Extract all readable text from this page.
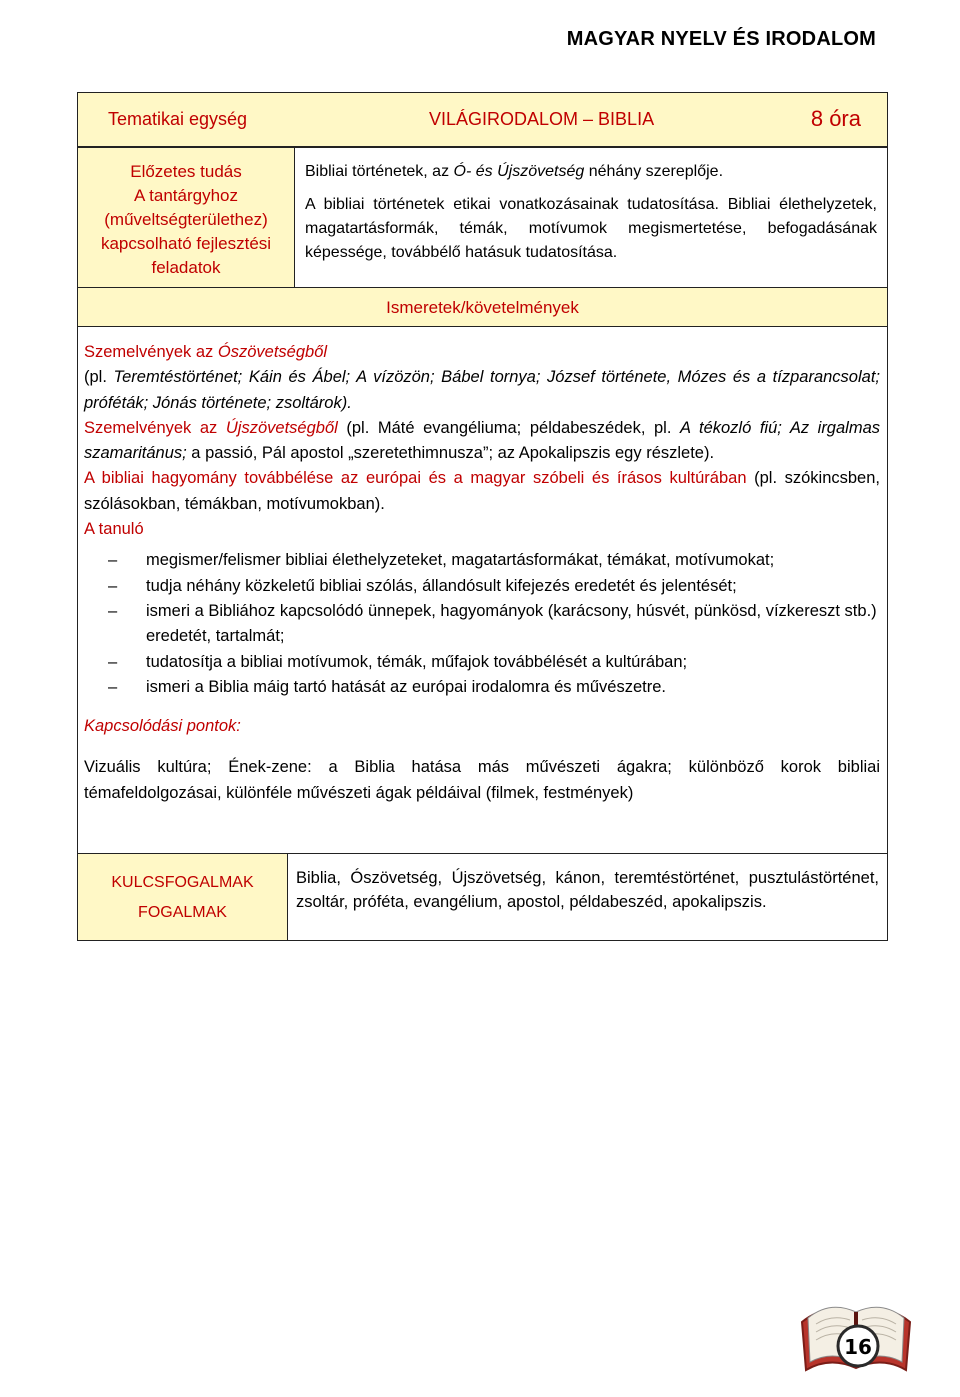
MAGYAR NYELV ÉS IRODALOM
Tematikai egység	VILÁGIRODALOM – BIBLIA	8 óra
Előzetes tudás
A tantárgyhoz
(műveltségterülethez)
kapcsolható fejlesztési
feladatok
Bibliai történetek, az Ó- és Újszövetség néhány szereplője.
A bibliai történetek etikai vonatkozásainak tudatosítása. Bibliai élethelyzetek, magatartásformák, témák, motívumok megismertetése, befogadásának képessége, továbbélő hatásuk tudatosítása.
Ismeretek/követelmények

Szemelvények az Ószövetségből

(pl. Teremtéstörténet; Káin és Ábel; A vízözön; Bábel tornya; József története, Mózes és a tízparancsolat; próféták; Jónás története; zsoltárok).

Szemelvények az Újszövetségből (pl. Máté evangéliuma; példabeszédek, pl. A tékozló fiú; Az irgalmas szamaritánus; a passió, Pál apostol „szeretethimnusza”; az Apokalipszis egy részlete).

A bibliai hagyomány továbbélése az európai és a magyar szóbeli és írásos kultúrában (pl. szókincsben, szólásokban, témákban, motívumokban).

A tanuló

– megismer/felismer bibliai élethelyzeteket, magatartásformákat, témákat, motívumokat;
– tudja néhány közkeletű bibliai szólás, állandósult kifejezés eredetét és jelentését;
– ismeri a Bibliához kapcsolódó ünnepek, hagyományok (karácsony, húsvét, pünkösd, vízkereszt stb.) eredetét, tartalmát;
– tudatosítja a bibliai motívumok, témák, műfajok továbbélését a kultúrában;
– ismeri a Biblia máig tartó hatását az európai irodalomra és művészetre.

Kapcsolódási pontok:

Vizuális kultúra; Ének-zene: a Biblia hatása más művészeti ágakra; különböző korok bibliai témafeldolgozásai, különféle művészeti ágak példáival (filmek, festmények)

KULCSFOGALMAK
FOGALMAK
Biblia, Ószövetség, Újszövetség, kánon, teremtéstörténet, pusztulástörténet, zsoltár, próféta, evangélium, apostol, példabeszéd, apokalipszis.
16
